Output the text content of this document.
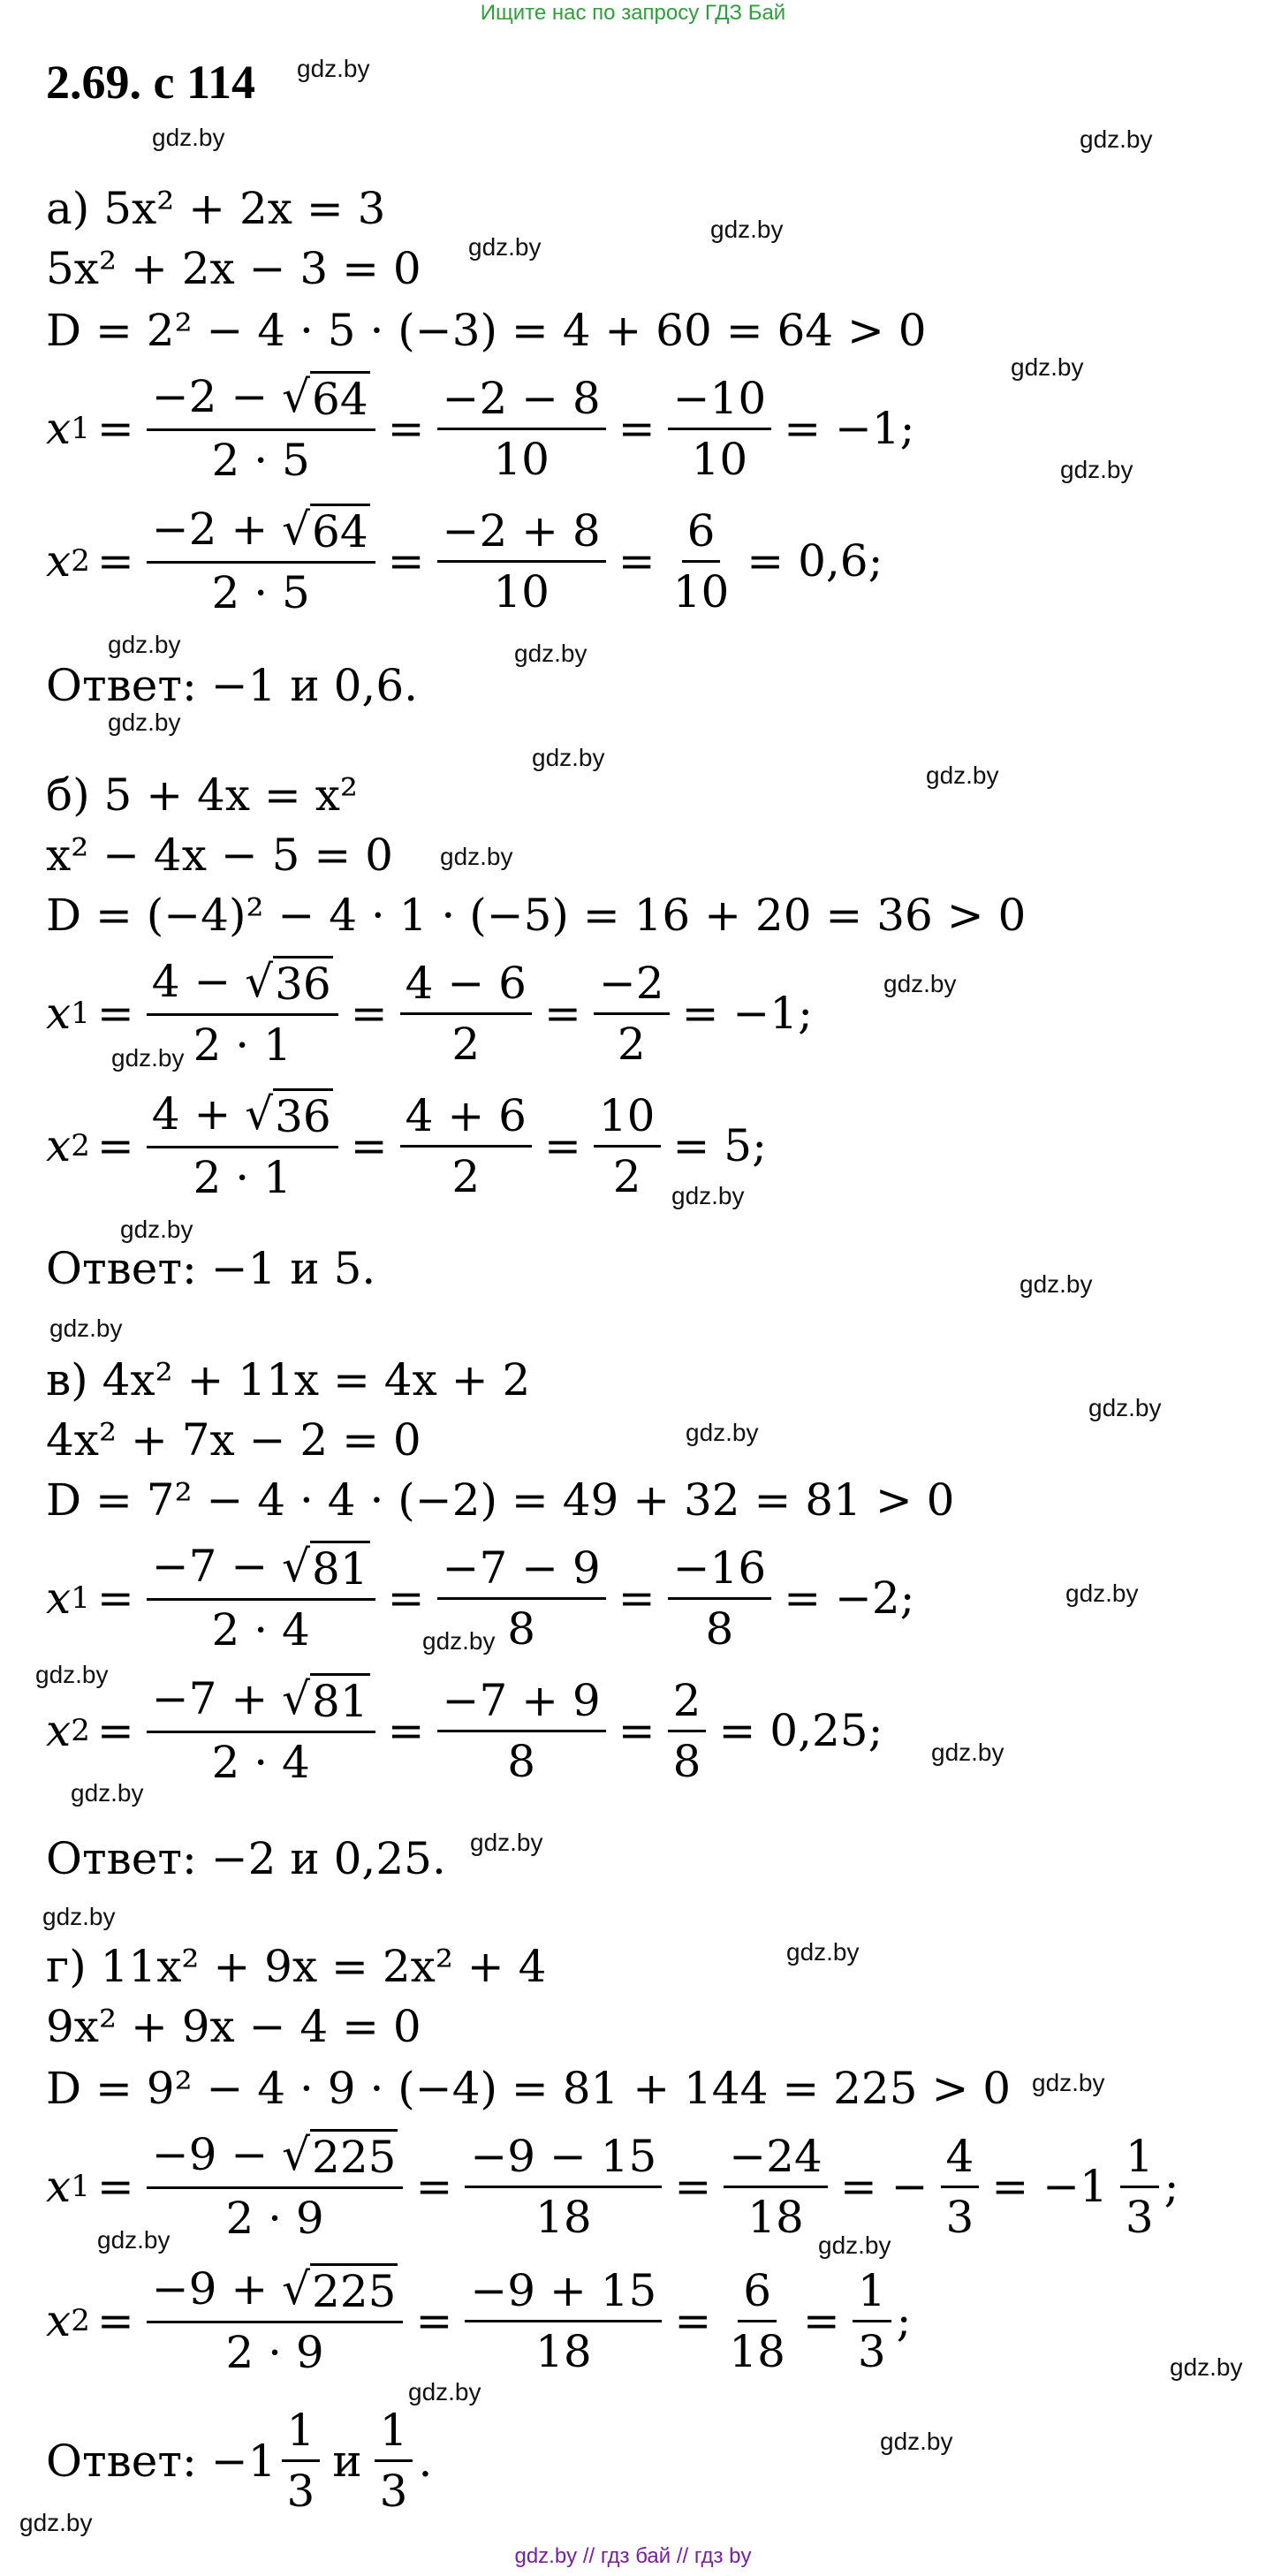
Ищите нас по запросу ГДЗ Бай
2.69. с 114 gdz.by
gdz.by	gdz.by
gdz.by
gdz.by
gdz.by
gdz.by
gdz.by	gdz.by
gdz.by
gdz.by
gdz.by
gdz.by
gdz.by
gdz.by
gdz.by
gdz.by
gdz.by
gdz.by
gdz.by
gdz.by
gdz.by
gdz.by
gdz.by
gdz.by
gdz.by
gdz.by
gdz.by
gdz.by
gdz.by
gdz.by	gdz.by
gdz.by
gdz.by
gdz.by
gdz.by
а) 5x² + 2x = 3
5x² + 2x − 3 = 0
D = 2² − 4 · 5 · (−3) = 4 + 60 = 64 > 0
x $1 = \frac{-2 - √ 64}{2 \cdot 5} = \frac{-2 - 8}{10} = \frac{-10}{10} = -1$;
x $2 = \frac{-2 + √ 64}{2 \cdot 5} = \frac{-2 + 8}{10} = \frac{6}{10} = 0,6$;
Ответ: −1 и 0,6.
б) 5 + 4x = x²
x² − 4x − 5 = 0
D = (−4)² − 4 · 1 · (−5) = 16 + 20 = 36 > 0
x $1 = \frac{4 - √ 36}{2 \cdot 1} = \frac{4 - 6}{2} = \frac{-2}{2} = -1$;
x $2 = \frac{4 + √ 36}{2 \cdot 1} = \frac{4 + 6}{2} = \frac{10}{2} = 5$;
Ответ: −1 и 5.
в) 4x² + 11x = 4x + 2
4x² + 7x − 2 = 0
D = 7² − 4 · 4 · (−2) = 49 + 32 = 81 > 0
x $1 = \frac{-7 - √ 81}{2 \cdot 4} = \frac{-7 - 9}{8} = \frac{-16}{8} = -2$;
x $2 = \frac{-7 + √ 81}{2 \cdot 4} = \frac{-7 + 9}{8} = \frac{2}{8} = 0,25$;
Ответ: −2 и 0,25.
г) 11x² + 9x = 2x² + 4
9x² + 9x − 4 = 0
D = 9² − 4 · 9 · (−4) = 81 + 144 = 225 > 0
x $1 = \frac{-9 - √ 225}{2 \cdot 9} = \frac{-9 - 15}{18} = \frac{-24}{18}$ = − $\frac{4}{3} = -1 \frac{1}{3}$ ;
x $2 = \frac{-9 + √ 225}{2 \cdot 9} = \frac{-9 + 15}{18} = \frac{6}{18} = \frac{1}{3}$ ;
Ответ: $-1 \frac{1}{3}$ и $\frac{1}{3}$ .
gdz.by // гдз бай // гдз by
